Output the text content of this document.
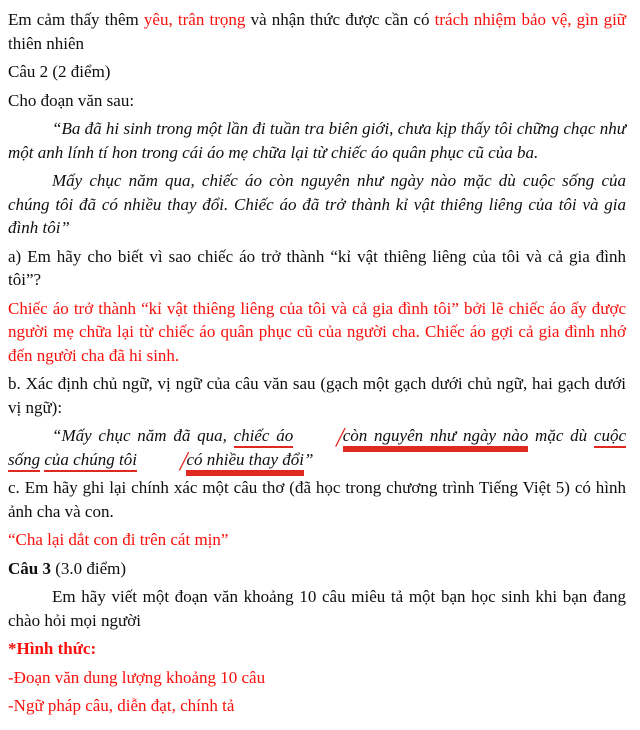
Em cảm thấy thêm yêu, trân trọng và nhận thức được cần có trách nhiệm bảo vệ, gìn giữ thiên nhiên

Câu 2 (2 điểm)

Cho đoạn văn sau:

“Ba đã hi sinh trong một lần đi tuần tra biên giới, chưa kịp thấy tôi chững chạc như một anh lính tí hon trong cái áo mẹ chữa lại từ chiếc áo quân phục cũ của ba.

Mấy chục năm qua, chiếc áo còn nguyên như ngày nào mặc dù cuộc sống của chúng tôi đã có nhiều thay đổi. Chiếc áo đã trở thành kỉ vật thiêng liêng của tôi và gia đình tôi”

a) Em hãy cho biết vì sao chiếc áo trở thành “kỉ vật thiêng liêng của tôi và cả gia đình tôi”?

Chiếc áo trở thành “kỉ vật thiêng liêng của tôi và cả gia đình tôi” bởi lẽ chiếc áo ấy được người mẹ chữa lại từ chiếc áo quân phục cũ của người cha. Chiếc áo gợi cả gia đình nhớ đến người cha đã hi sinh.

b. Xác định chủ ngữ, vị ngữ của câu văn sau (gạch một gạch dưới chủ ngữ, hai gạch dưới vị ngữ):

“Mấy chục năm đã qua, chiếc áo /còn nguyên như ngày nào mặc dù cuộc sống của chúng tôi /có nhiều thay đổi”

c. Em hãy ghi lại chính xác một câu thơ (đã học trong chương trình Tiếng Việt 5) có hình ảnh cha và con.

“Cha lại dắt con đi trên cát mịn”

Câu 3 (3.0 điểm)

Em hãy viết một đoạn văn khoảng 10 câu miêu tả một bạn học sinh khi bạn đang chào hỏi mọi người

*Hình thức:

-Đoạn văn dung lượng khoảng 10 câu

-Ngữ pháp câu, diễn đạt, chính tả
